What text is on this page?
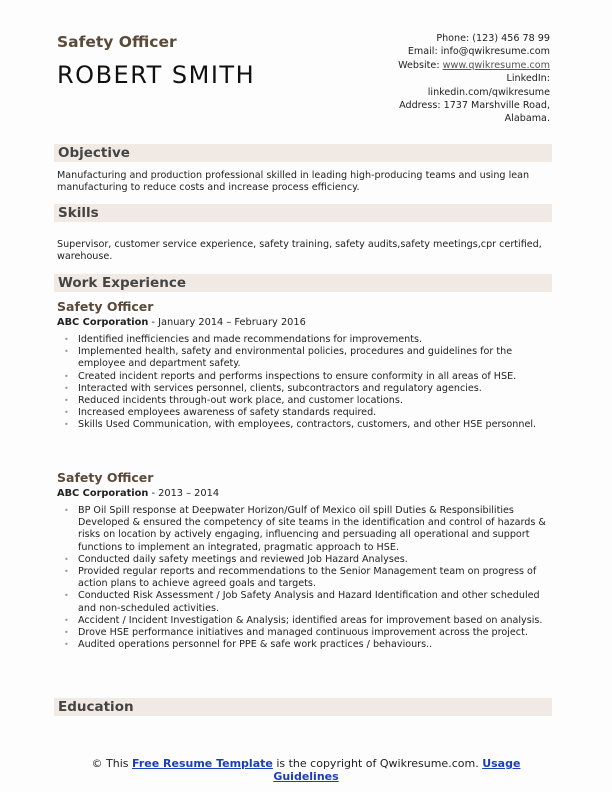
Safety Officer
ROBERT SMITH
Phone: (123) 456 78 99
Email: info@qwikresume.com
Website: www.qwikresume.com
LinkedIn:
linkedin.com/qwikresume
Address: 1737 Marshville Road,
Alabama.
Objective
Manufacturing and production professional skilled in leading high-producing teams and using lean manufacturing to reduce costs and increase process efficiency.
Skills
Supervisor, customer service experience, safety training, safety audits,safety meetings,cpr certified, warehouse.
Work Experience
Safety Officer
ABC Corporation - January 2014 – February 2016
• Identified inefficiencies and made recommendations for improvements.
• Implemented health, safety and environmental policies, procedures and guidelines for the employee and department safety.
• Created incident reports and performs inspections to ensure conformity in all areas of HSE.
• Interacted with services personnel, clients, subcontractors and regulatory agencies.
• Reduced incidents through-out work place, and customer locations.
• Increased employees awareness of safety standards required.
• Skills Used Communication, with employees, contractors, customers, and other HSE personnel.
Safety Officer
ABC Corporation - 2013 – 2014
• BP Oil Spill response at Deepwater Horizon/Gulf of Mexico oil spill Duties & Responsibilities Developed & ensured the competency of site teams in the identification and control of hazards & risks on location by actively engaging, influencing and persuading all operational and support functions to implement an integrated, pragmatic approach to HSE.
• Conducted daily safety meetings and reviewed Job Hazard Analyses.
• Provided regular reports and recommendations to the Senior Management team on progress of action plans to achieve agreed goals and targets.
• Conducted Risk Assessment / Job Safety Analysis and Hazard Identification and other scheduled and non-scheduled activities.
• Accident / Incident Investigation & Analysis; identified areas for improvement based on analysis.
• Drove HSE performance initiatives and managed continuous improvement across the project.
• Audited operations personnel for PPE & safe work practices / behaviours..
Education
© This Free Resume Template is the copyright of Qwikresume.com. Usage Guidelines
